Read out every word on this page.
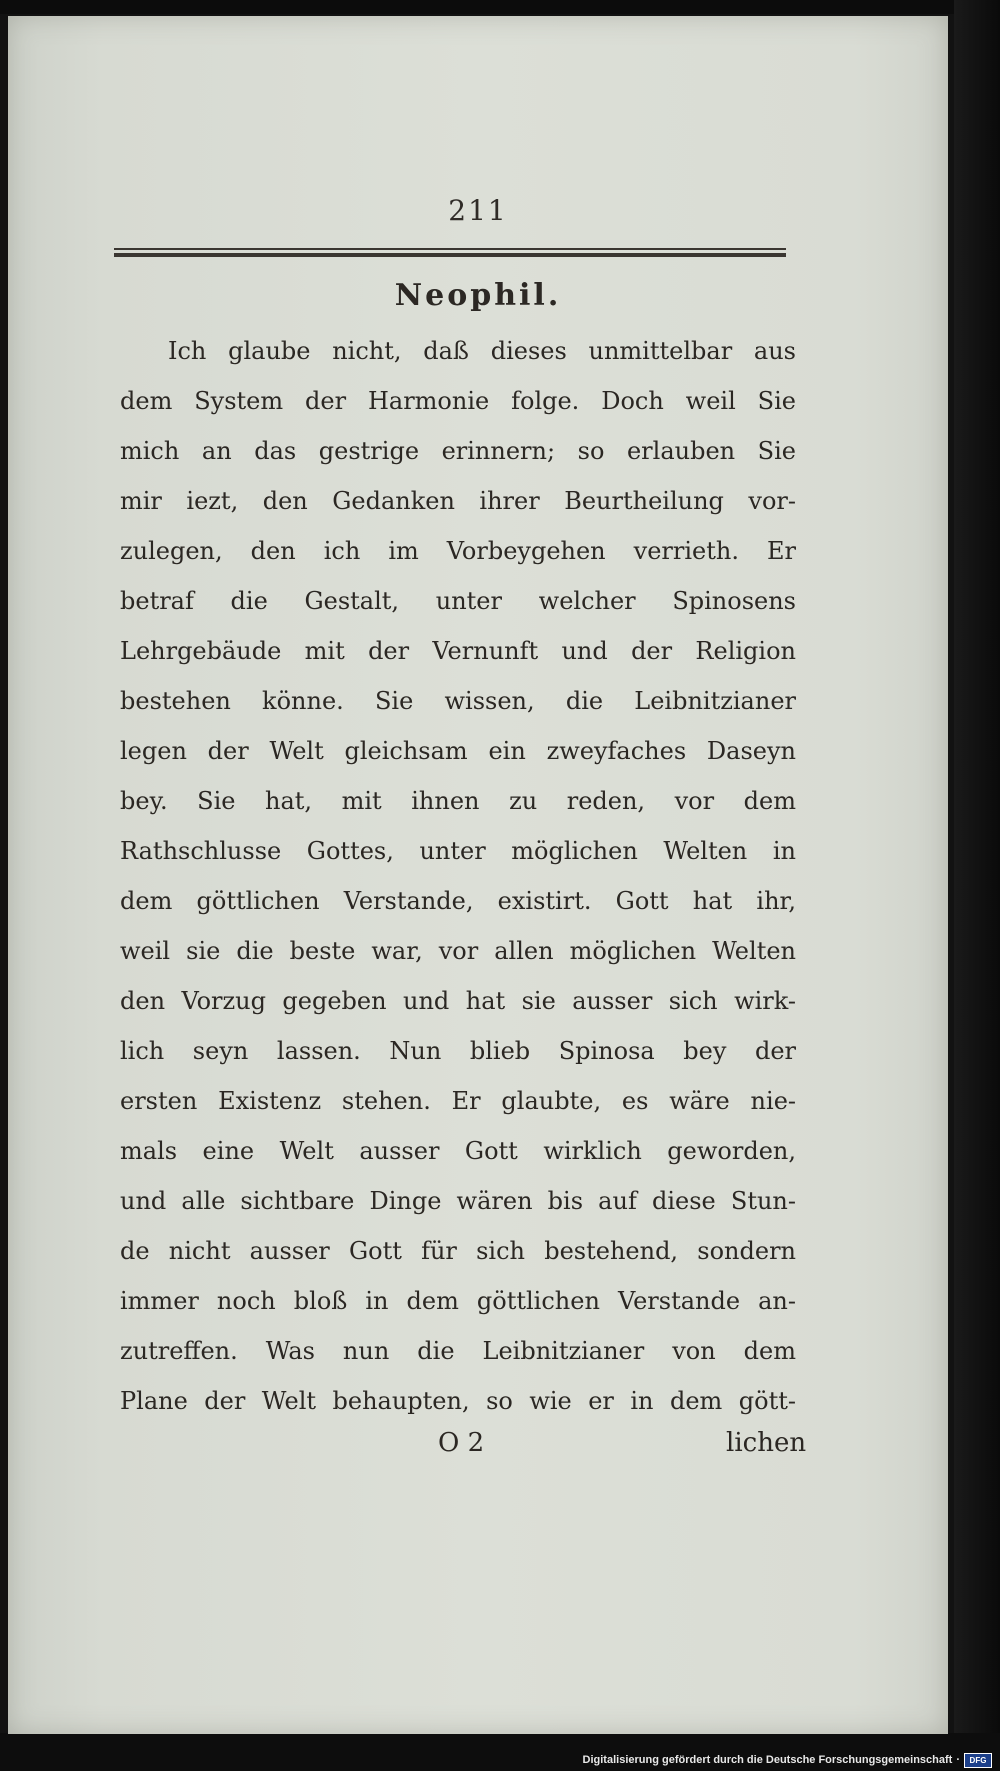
211
Neophil.
Ich glaube nicht, daß dieses unmittelbar aus
dem System der Harmonie folge. Doch weil Sie
mich an das gestrige erinnern; so erlauben Sie
mir iezt, den Gedanken ihrer Beurtheilung vor-
zulegen, den ich im Vorbeygehen verrieth. Er
betraf die Gestalt, unter welcher Spinosens
Lehrgebäude mit der Vernunft und der Religion
bestehen könne. Sie wissen, die Leibnitzianer
legen der Welt gleichsam ein zweyfaches Daseyn
bey. Sie hat, mit ihnen zu reden, vor dem
Rathschlusse Gottes, unter möglichen Welten in
dem göttlichen Verstande, existirt. Gott hat ihr,
weil sie die beste war, vor allen möglichen Welten
den Vorzug gegeben und hat sie ausser sich wirk-
lich seyn lassen. Nun blieb Spinosa bey der
ersten Existenz stehen. Er glaubte, es wäre nie-
mals eine Welt ausser Gott wirklich geworden,
und alle sichtbare Dinge wären bis auf diese Stun-
de nicht ausser Gott für sich bestehend, sondern
immer noch bloß in dem göttlichen Verstande an-
zutreffen. Was nun die Leibnitzianer von dem
Plane der Welt behaupten, so wie er in dem gött-
O 2	lichen
Digitalisierung gefördert durch die Deutsche Forschungsgemeinschaft ·	DFG
